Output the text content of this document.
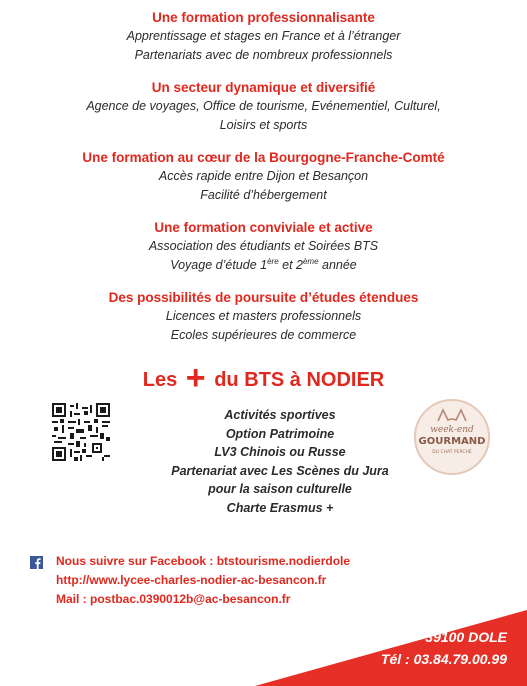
Une formation professionnalisante
Apprentissage et stages en France et à l’étranger
Partenariats avec de nombreux professionnels
Un secteur dynamique et diversifié
Agence de voyages, Office de tourisme, Evénementiel, Culturel,
Loisirs et sports
Une formation au cœur de la Bourgogne-Franche-Comté
Accès rapide entre Dijon et Besançon
Facilité d’hébergement
Une formation conviviale et active
Association des étudiants et Soirées BTS
Voyage d’étude 1ère et 2ème année
Des possibilités de poursuite d’études étendues
Licences et masters professionnels
Ecoles supérieures de commerce
Les + du BTS à NODIER
Activités sportives
Option Patrimoine
LV3 Chinois ou Russe
Partenariat avec Les Scènes du Jura
pour la saison culturelle
Charte Erasmus +
week-end
GOURMAND
DU CHAT PERCHÉ
Nous suivre sur Facebook : btstourisme.nodierdole
http://www.lycee-charles-nodier-ac-besancon.fr
Mail : postbac.0390012b@ac-besancon.fr
6 Grande Rue – 39100 DOLE
Tél : 03.84.79.00.99
